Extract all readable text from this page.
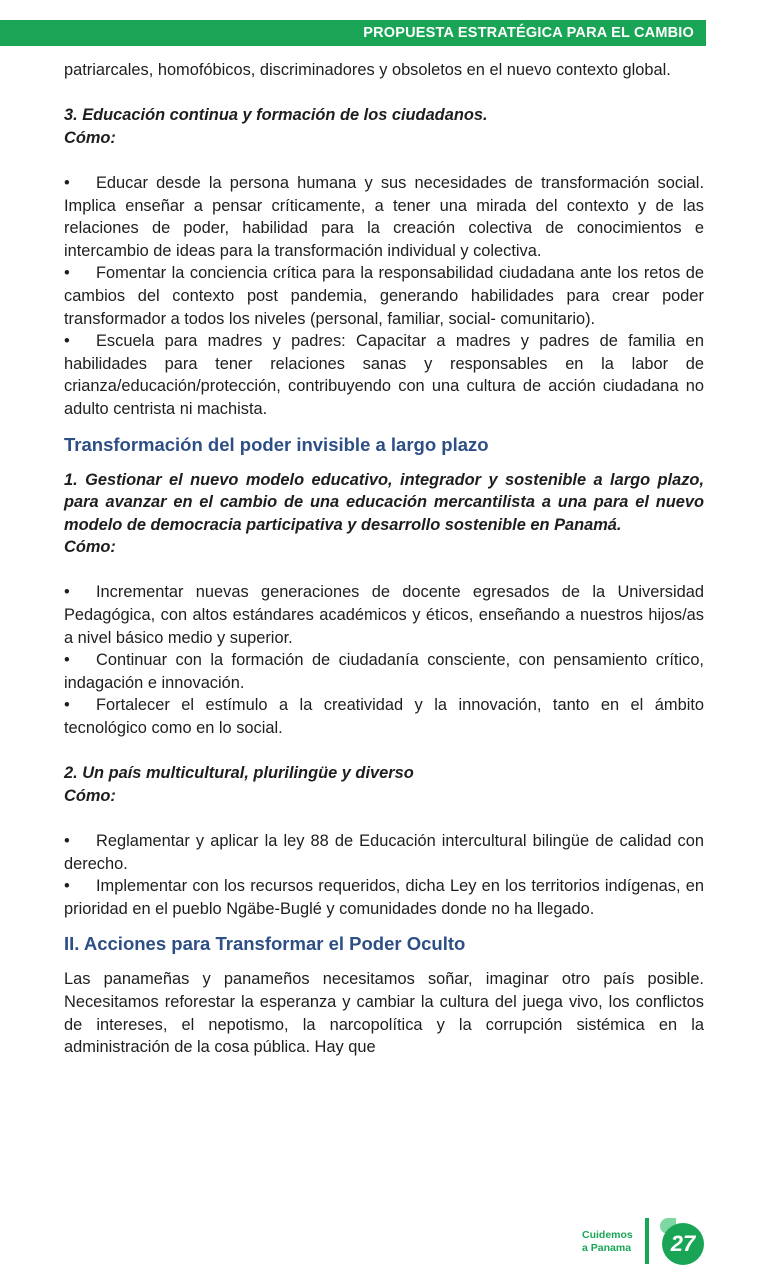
PROPUESTA ESTRATÉGICA PARA EL CAMBIO

patriarcales, homofóbicos, discriminadores y obsoletos en el nuevo contexto global.

3. Educación continua y formación de los ciudadanos.

Cómo:

• Educar desde la persona humana y sus necesidades de transformación social. Implica enseñar a pensar críticamente, a tener una mirada del contexto y de las relaciones de poder, habilidad para la creación colectiva de conocimientos e intercambio de ideas para la transformación individual y colectiva.

• Fomentar la conciencia crítica para la responsabilidad ciudadana ante los retos de cambios del contexto post pandemia, generando habilidades para crear poder transformador a todos los niveles (personal, familiar, social- comunitario).

• Escuela para madres y padres: Capacitar a madres y padres de familia en habilidades para tener relaciones sanas y responsables en la labor de crianza/educación/protección, contribuyendo con una cultura de acción ciudadana no adulto centrista ni machista.

Transformación del poder invisible a largo plazo

1. Gestionar el nuevo modelo educativo, integrador y sostenible a largo plazo, para avanzar en el cambio de una educación mercantilista a una para el nuevo modelo de democracia participativa y desarrollo sostenible en Panamá.

Cómo:

• Incrementar nuevas generaciones de docente egresados de la Universidad Pedagógica, con altos estándares académicos y éticos, enseñando a nuestros hijos/as a nivel básico medio y superior.

• Continuar con la formación de ciudadanía consciente, con pensamiento crítico, indagación e innovación.

• Fortalecer el estímulo a la creatividad y la innovación, tanto en el ámbito tecnológico como en lo social.

2. Un país multicultural, plurilingüe y diverso

Cómo:

• Reglamentar y aplicar la ley 88 de Educación intercultural bilingüe de calidad con derecho.

• Implementar con los recursos requeridos, dicha Ley en los territorios indígenas, en prioridad en el pueblo Ngäbe-Buglé y comunidades donde no ha llegado.

II. Acciones para Transformar el Poder Oculto

Las panameñas y panameños necesitamos soñar, imaginar otro país posible. Necesitamos reforestar la esperanza y cambiar la cultura del juega vivo, los conflictos de intereses, el nepotismo, la narcopolítica y la corrupción sistémica en la administración de la cosa pública. Hay que

Cuidemos
a Panama	27
